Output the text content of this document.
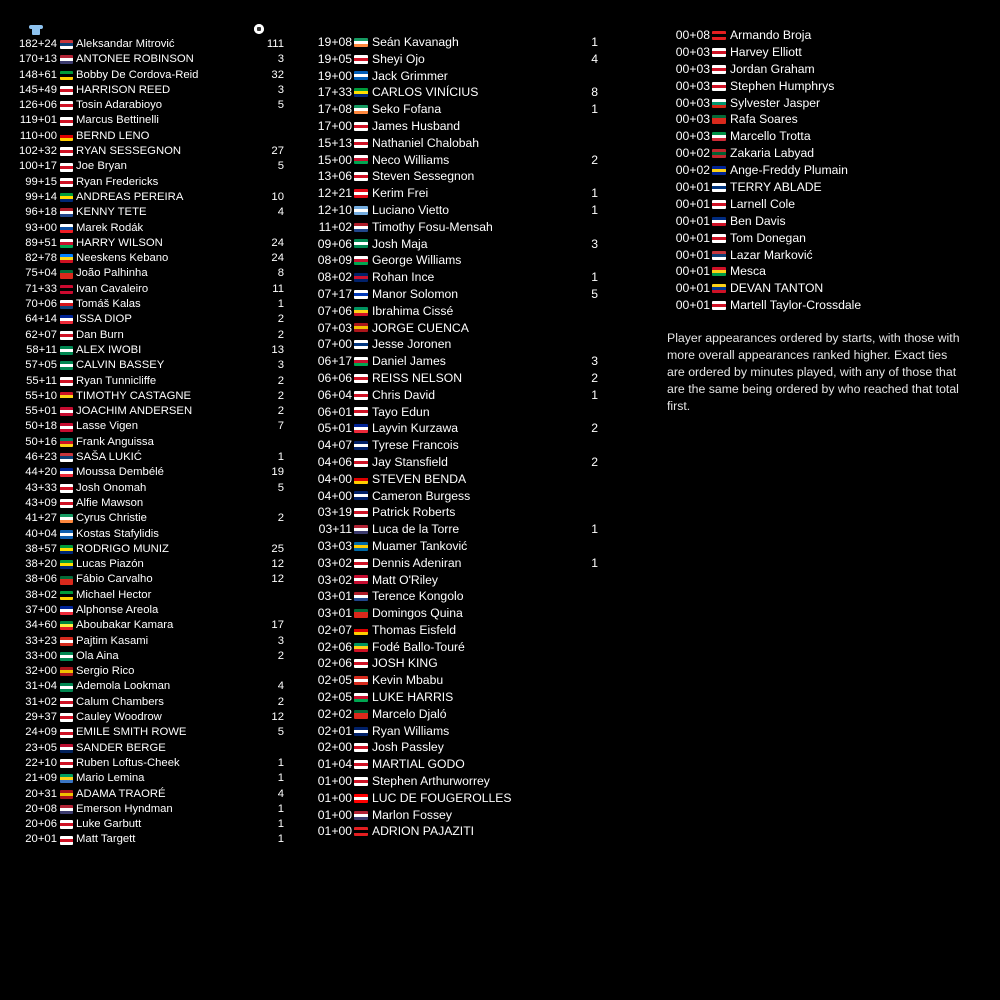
182+24 Aleksandar Mitrović	111
170+13 ANTONEE ROBINSON	3
148+61 Bobby De Cordova-Reid	32
145+49 HARRISON REED	3
126+06 Tosin Adarabioyo	5
119+01 Marcus Bettinelli
110+00 BERND LENO
102+32 RYAN SESSEGNON	27
100+17 Joe Bryan	5
99+15 Ryan Fredericks
99+14 ANDREAS PEREIRA	10
96+18 KENNY TETE	4
93+00 Marek Rodák
89+51 HARRY WILSON	24
82+78 Neeskens Kebano	24
75+04 João Palhinha	8
71+33 Ivan Cavaleiro	11
70+06 Tomáš Kalas	1
64+14 ISSA DIOP	2
62+07 Dan Burn	2
58+11 ALEX IWOBI	13
57+05 CALVIN BASSEY	3
55+11 Ryan Tunnicliffe	2
55+10 TIMOTHY CASTAGNE	2
55+01 JOACHIM ANDERSEN	2
50+18 Lasse Vigen	7
50+16 Frank Anguissa
46+23 SAŠA LUKIĆ	1
44+20 Moussa Dembélé	19
43+33 Josh Onomah	5
43+09 Alfie Mawson
41+27 Cyrus Christie	2
40+04 Kostas Stafylidis
38+57 RODRIGO MUNIZ	25
38+20 Lucas Piazón	12
38+06 Fábio Carvalho	12
38+02 Michael Hector
37+00 Alphonse Areola
34+60 Aboubakar Kamara	17
33+23 Pajtim Kasami	3
33+00 Ola Aina	2
32+00 Sergio Rico
31+04 Ademola Lookman	4
31+02 Calum Chambers	2
29+37 Cauley Woodrow	12
24+09 EMILE SMITH ROWE	5
23+05 SANDER BERGE
22+10 Ruben Loftus-Cheek	1
21+09 Mario Lemina	1
20+31 ADAMA TRAORÉ	4
20+08 Emerson Hyndman	1
20+06 Luke Garbutt	1
20+01 Matt Targett	1
19+08 Seán Kavanagh	1
19+05 Sheyi Ojo	4
19+00 Jack Grimmer
17+33 CARLOS VINÍCIUS	8
17+08 Seko Fofana	1
17+00 James Husband
15+13 Nathaniel Chalobah
15+00 Neco Williams	2
13+06 Steven Sessegnon
12+21 Kerim Frei	1
12+10 Luciano Vietto	1
11+02 Timothy Fosu-Mensah
09+06 Josh Maja	3
08+09 George Williams
08+02 Rohan Ince	1
07+17 Manor Solomon	5
07+06 Ibrahima Cissé
07+03 JORGE CUENCA
07+00 Jesse Joronen
06+17 Daniel James	3
06+06 REISS NELSON	2
06+04 Chris David	1
06+01 Tayo Edun
05+01 Layvin Kurzawa	2
04+07 Tyrese Francois
04+06 Jay Stansfield	2
04+00 STEVEN BENDA
04+00 Cameron Burgess
03+19 Patrick Roberts
03+11 Luca de la Torre	1
03+03 Muamer Tanković
03+02 Dennis Adeniran	1
03+02 Matt O'Riley
03+01 Terence Kongolo
03+01 Domingos Quina
02+07 Thomas Eisfeld
02+06 Fodé Ballo-Touré
02+06 JOSH KING
02+05 Kevin Mbabu
02+05 LUKE HARRIS
02+02 Marcelo Djaló
02+01 Ryan Williams
02+00 Josh Passley
01+04 MARTIAL GODO
01+00 Stephen Arthurworrey
01+00 LUC DE FOUGEROLLES
01+00 Marlon Fossey
01+00 ADRION PAJAZITI
00+08 Armando Broja
00+03 Harvey Elliott
00+03 Jordan Graham
00+03 Stephen Humphrys
00+03 Sylvester Jasper
00+03 Rafa Soares
00+03 Marcello Trotta
00+02 Zakaria Labyad
00+02 Ange-Freddy Plumain
00+01 TERRY ABLADE
00+01 Larnell Cole
00+01 Ben Davis
00+01 Tom Donegan
00+01 Lazar Marković
00+01 Mesca
00+01 DEVAN TANTON
00+01 Martell Taylor-Crossdale
Player appearances ordered by starts, with those with more overall appearances ranked higher. Exact ties are ordered by minutes played, with any of those that are the same being ordered by who reached that total first.
